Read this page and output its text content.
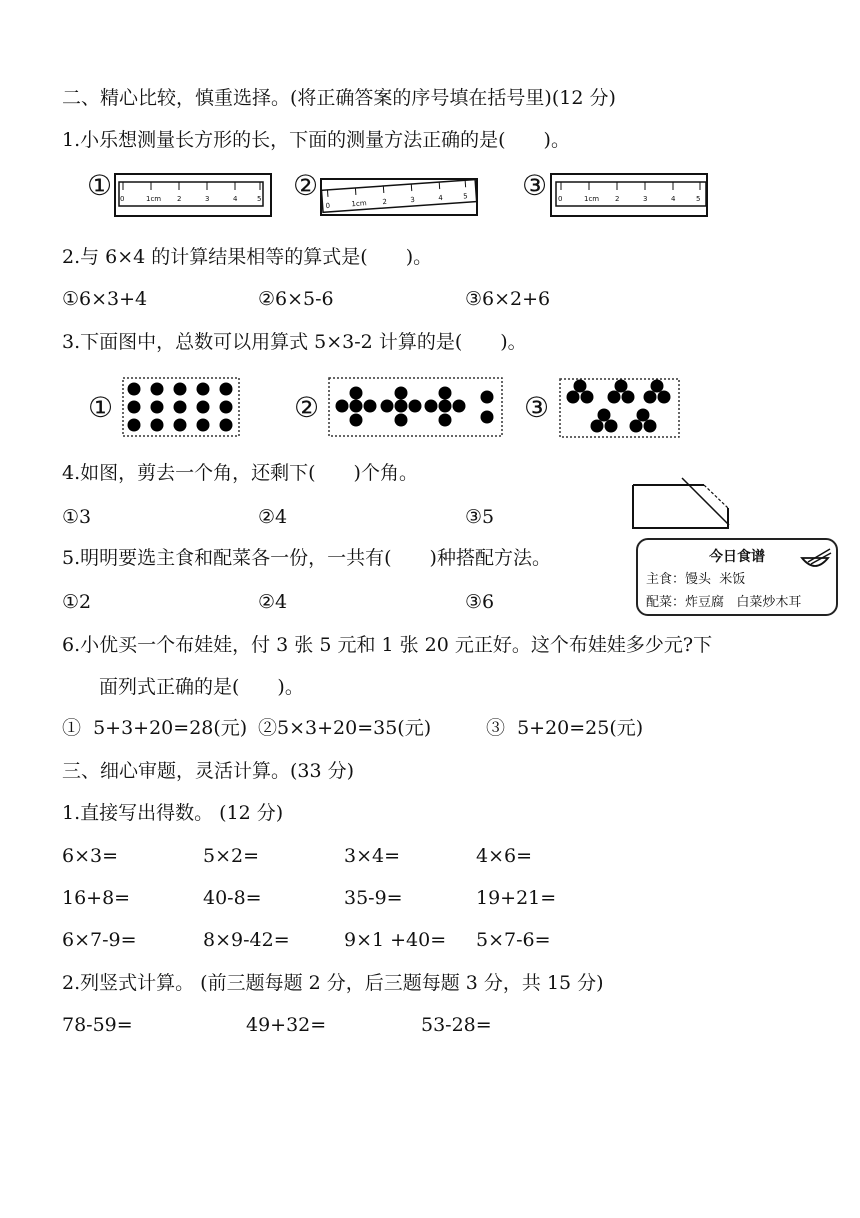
二、精心比较，慎重选择。(将正确答案的序号填在括号里)(12 分)
1.小乐想测量长方形的长，下面的测量方法正确的是(　　)。
①	②	③
0	1cm 2	3	4	5
0	1cm 2	3	4	5	0	1cm 2	3	4	5
2.与 6×4 的计算结果相等的算式是(　　)。
①6×3+4	②6×5-6	③6×2+6
3.下面图中，总数可以用算式 5×3-2 计算的是(　　)。
①	②	③
4.如图，剪去一个角，还剩下(　　)个角。
①3	②4	③5
5.明明要选主食和配菜各一份，一共有(　　)种搭配方法。
①2	②4	③6
今日食谱
主食：馒头  米饭
配菜：炸豆腐   白菜炒木耳
6.小优买一个布娃娃，付 3 张 5 元和 1 张 20 元正好。这个布娃娃多少元?下
面列式正确的是(　　)。
①  5+3+20=28(元) ②5×3+20=35(元)	③  5+20=25(元)
三、细心审题，灵活计算。(33 分)
1.直接写出得数。 (12 分)
6×3=	5×2=	3×4=	4×6=
16+8=	40-8=	35-9=	19+21=
6×7-9=	8×9-42=	9×1 +40= 5×7-6=
2.列竖式计算。 (前三题每题 2 分，后三题每题 3 分，共 15 分)
78-59=	49+32=	53-28=
